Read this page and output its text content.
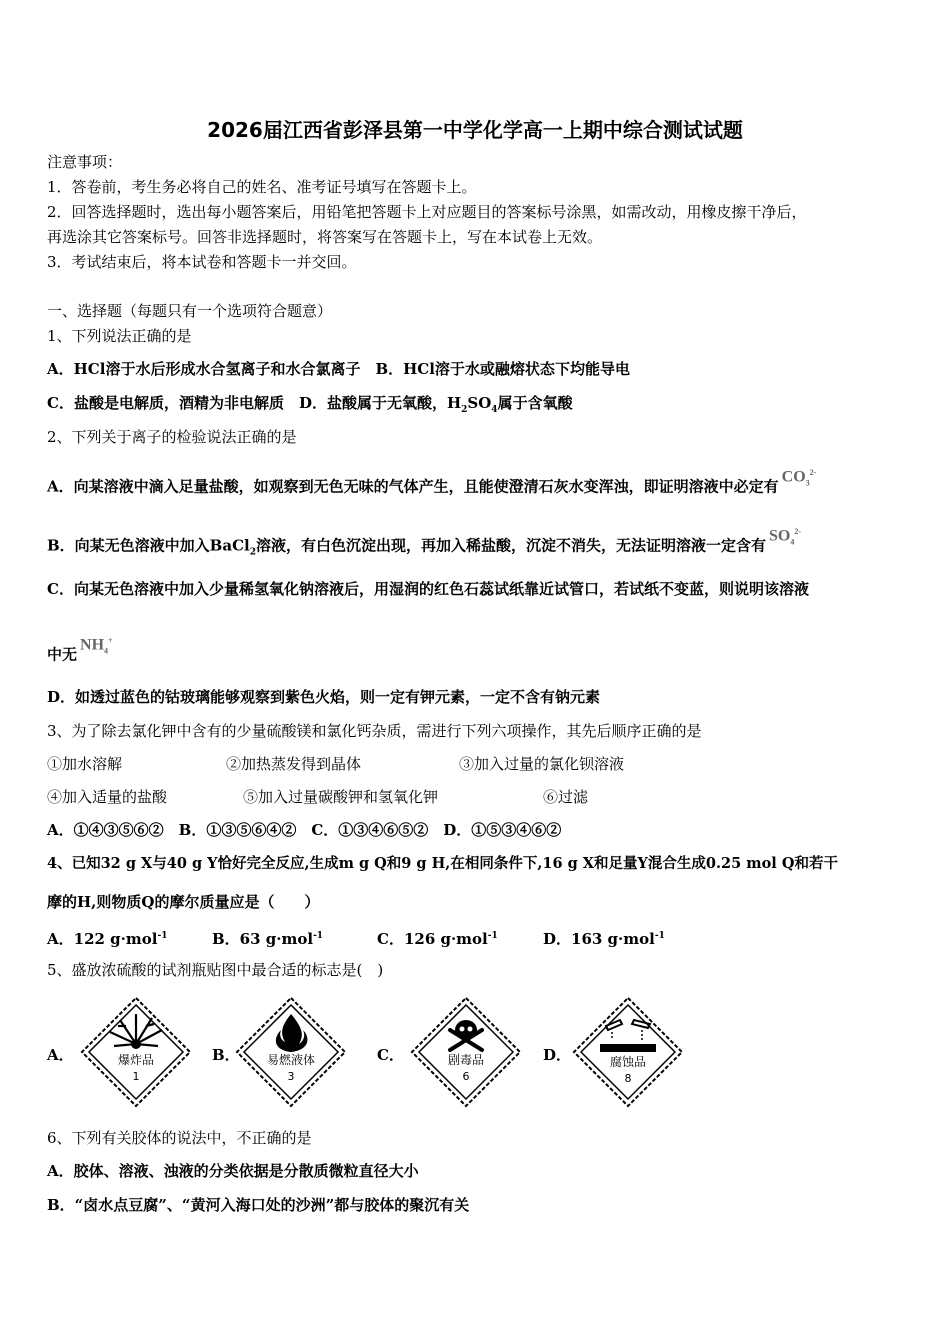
2026届江西省彭泽县第一中学化学高一上期中综合测试试题
注意事项：
1．答卷前，考生务必将自己的姓名、准考证号填写在答题卡上。
2．回答选择题时，选出每小题答案后，用铅笔把答题卡上对应题目的答案标号涂黑，如需改动，用橡皮擦干净后，
再选涂其它答案标号。回答非选择题时，将答案写在答题卡上，写在本试卷上无效。
3．考试结束后，将本试卷和答题卡一并交回。
一、选择题（每题只有一个选项符合题意）
1、下列说法正确的是
A．HCl溶于水后形成水合氢离子和水合氯离子　B．HCl溶于水或融熔状态下均能导电
C．盐酸是电解质，酒精为非电解质　D．盐酸属于无氧酸，$H_2SO_4$属于含氧酸
2、下列关于离子的检验说法正确的是
A．向某溶液中滴入足量盐酸，如观察到无色无味的气体产生，且能使澄清石灰水变浑浊，即证明溶液中必定有$CO_3^{2-}$
B．向某无色溶液中加入BaCl$_2$溶液，有白色沉淀出现，再加入稀盐酸，沉淀不消失，无法证明溶液一定含有$SO_4^{2-}$
C．向某无色溶液中加入少量稀氢氧化钠溶液后，用湿润的红色石蕊试纸靠近试管口，若试纸不变蓝，则说明该溶液
中无$NH_4^+$
D．如透过蓝色的钴玻璃能够观察到紫色火焰，则一定有钾元素，一定不含有钠元素
3、为了除去氯化钾中含有的少量硫酸镁和氯化钙杂质，需进行下列六项操作，其先后顺序正确的是
①加水溶解	②加热蒸发得到晶体	③加入过量的氯化钡溶液
④加入适量的盐酸	⑤加入过量碳酸钾和氢氧化钾	⑥过滤
A．①④③⑤⑥②　B．①③⑤⑥④②　C．①③④⑥⑤②　D．①⑤③④⑥②
4、已知32 g X与40 g Y恰好完全反应,生成m g Q和9 g H,在相同条件下,16 g X和足量Y混合生成0.25 mol Q和若干
摩的H,则物质Q的摩尔质量应是（　　）
A．122 g·mol$^{-1}$	B．63 g·mol$^{-1}$	C．126 g·mol$^{-1}$	D．163 g·mol$^{-1}$
5、盛放浓硫酸的试剂瓶贴图中最合适的标志是(　)
A．	爆炸品
1
B． 易燃液体
3
C．	剧毒品
6
D．	腐蚀品
8
6、下列有关胶体的说法中，不正确的是
A．胶体、溶液、浊液的分类依据是分散质微粒直径大小
B．“卤水点豆腐”、“黄河入海口处的沙洲”都与胶体的聚沉有关
